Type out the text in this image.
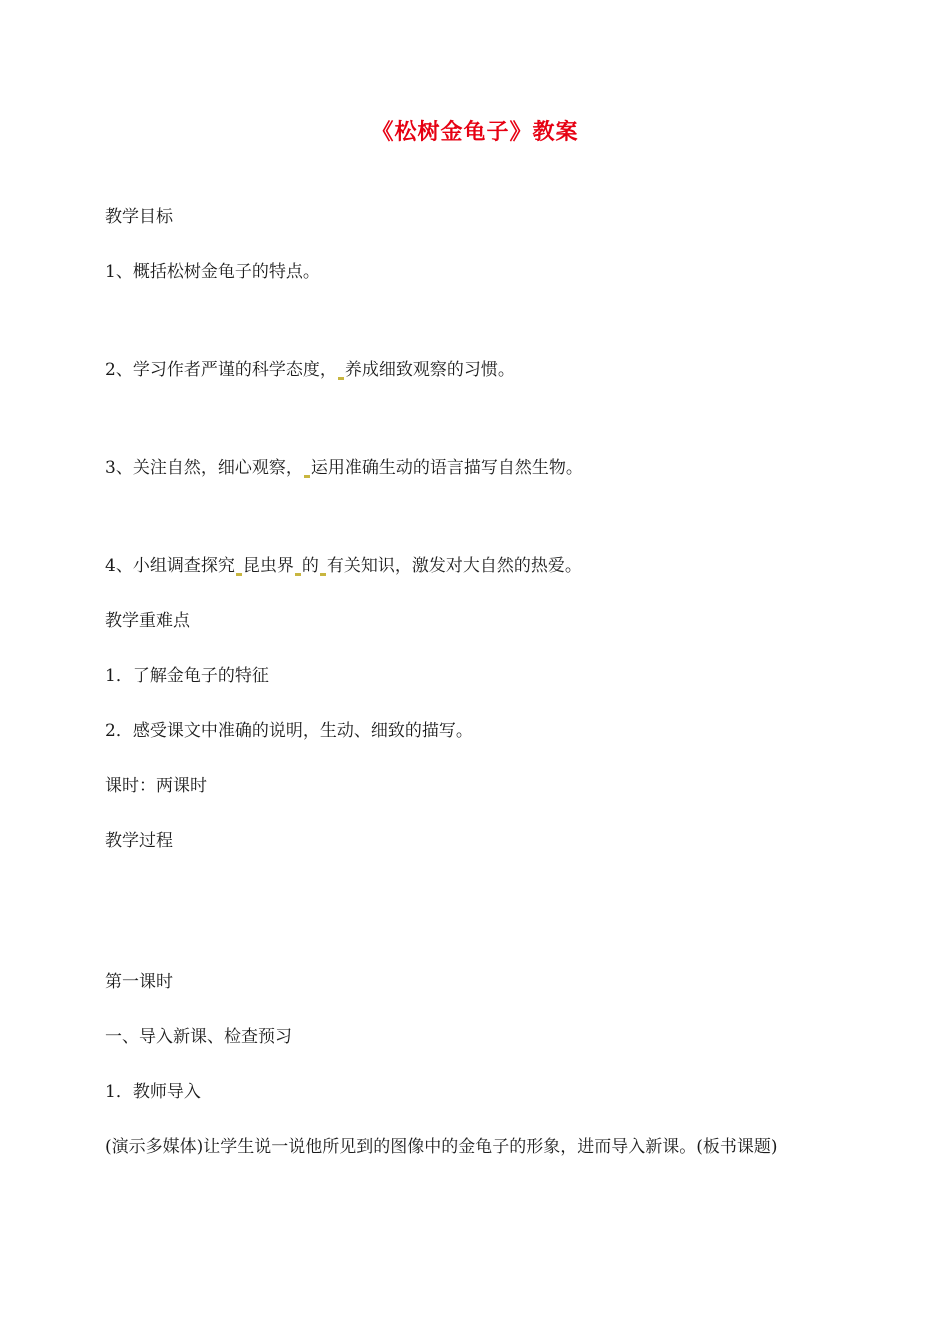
《松树金龟子》教案
教学目标
1、概括松树金龟子的特点。
2、学习作者严谨的科学态度， 养成细致观察的习惯。
3、关注自然，细心观察， 运用准确生动的语言描写自然生物。
4、小组调查探究 昆虫界 的 有关知识，激发对大自然的热爱。
教学重难点
1．了解金龟子的特征
2．感受课文中准确的说明，生动、细致的描写。
课时：两课时
教学过程
第一课时
一、导入新课、检查预习
1．教师导入
(演示多媒体)让学生说一说他所见到的图像中的金龟子的形象，进而导入新课。(板书课题)
